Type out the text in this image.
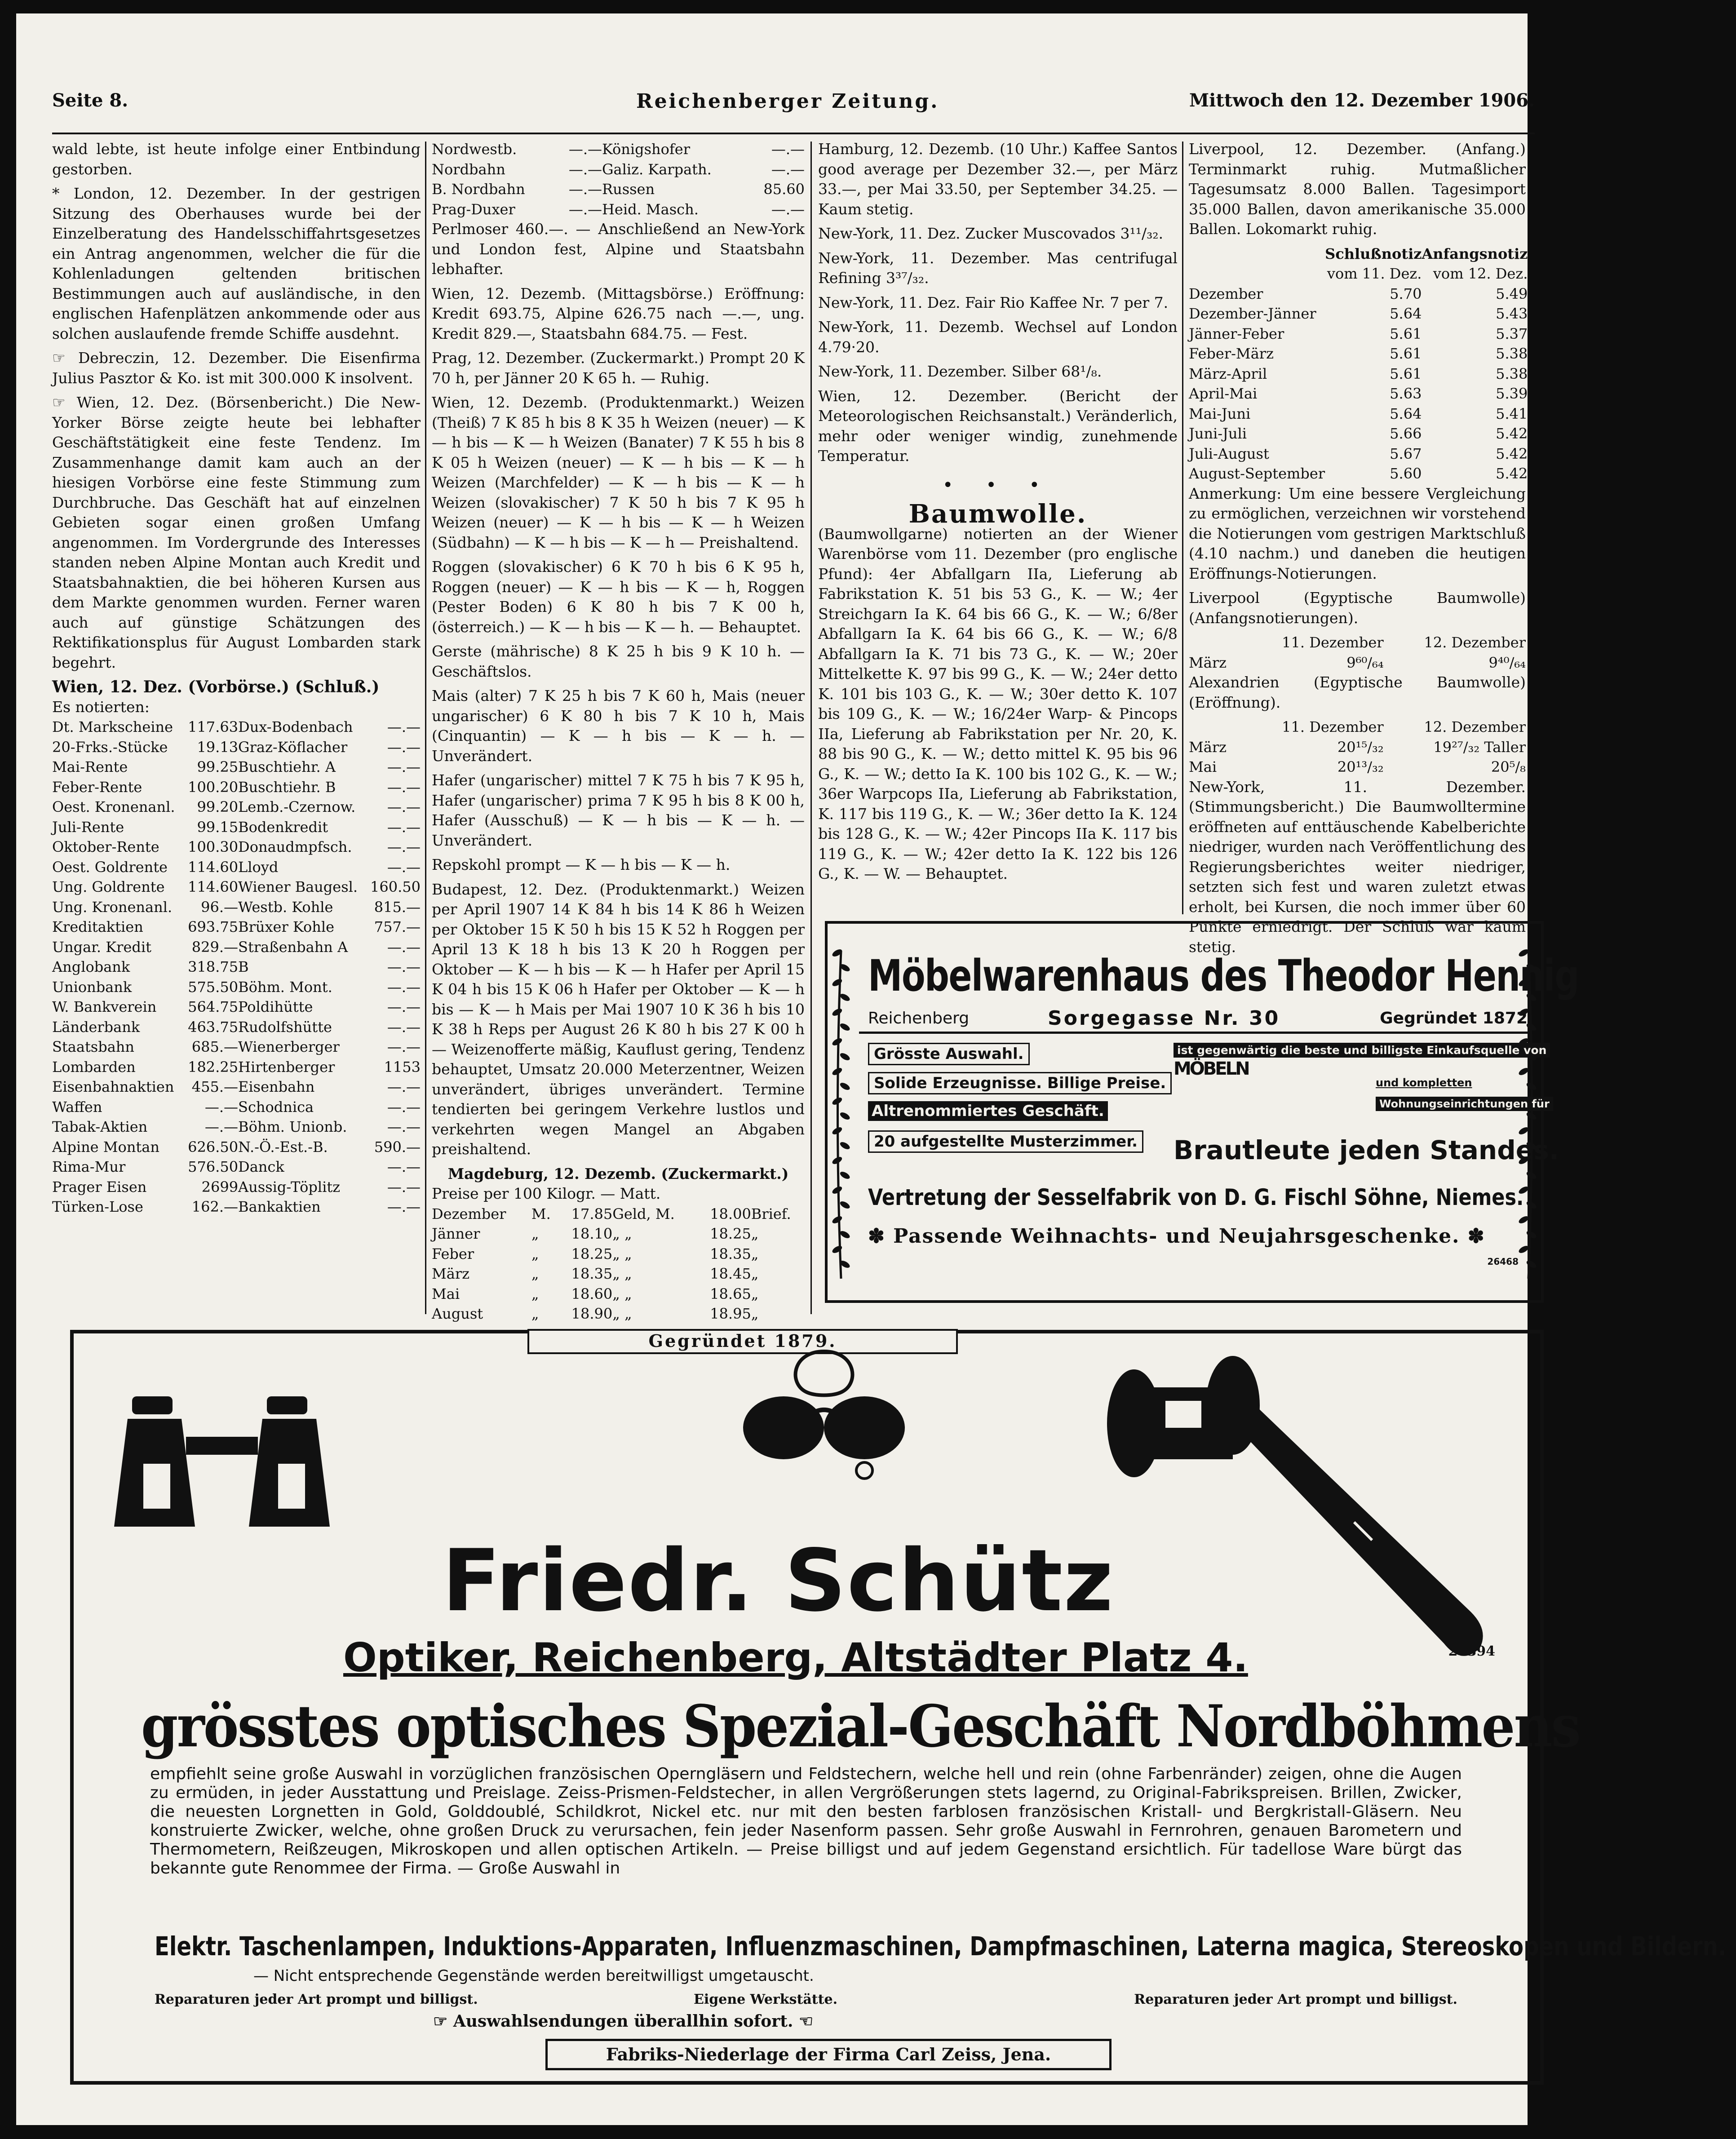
Seite 8.	Reichenberger Zeitung.	Mittwoch den 12. Dezember 1906.

wald lebte, ist heute infolge einer Entbindung gestorben.

* London, 12. Dezember. In der gestrigen Sitzung des Oberhauses wurde bei der Einzelberatung des Handelsschiffahrtsgesetzes ein Antrag angenommen, welcher die für die Kohlenladungen geltenden britischen Bestimmungen auch auf ausländische, in den englischen Hafenplätzen ankommende oder aus solchen auslaufende fremde Schiffe ausdehnt.

☞ Debreczin, 12. Dezember. Die Eisenfirma Julius Pasztor & Ko. ist mit 300.000 K insolvent.

☞ Wien, 12. Dez. (Börsenbericht.) Die New-Yorker Börse zeigte heute bei lebhafter Geschäftstätigkeit eine feste Tendenz. Im Zusammenhange damit kam auch an der hiesigen Vorbörse eine feste Stimmung zum Durchbruche. Das Geschäft hat auf einzelnen Gebieten sogar einen großen Umfang angenommen. Im Vordergrunde des Interesses standen neben Alpine Montan auch Kredit und Staatsbahnaktien, die bei höheren Kursen aus dem Markte genommen wurden. Ferner waren auch auf günstige Schätzungen des Rektifikationsplus für August Lombarden stark begehrt.

Wien, 12. Dez. (Vorbörse.) (Schluß.)
Es notierten:
Dt. Markscheine	117.63	Dux-Bodenbach	—.—
20-Frks.-Stücke	19.13	Graz-Köflacher	—.—
Mai-Rente	99.25	Buschtiehr. A	—.—
Feber-Rente	100.20	Buschtiehr. B	—.—
Oest. Kronenanl.	99.20	Lemb.-Czernow.	—.—
Juli-Rente	99.15	Bodenkredit	—.—
Oktober-Rente	100.30	Donaudmpfsch.	—.—
Oest. Goldrente	114.60	Lloyd	—.—
Ung. Goldrente	114.60	Wiener Baugesl.	160.50
Ung. Kronenanl.	96.—	Westb. Kohle	815.—
Kreditaktien	693.75	Brüxer Kohle	757.—
Ungar. Kredit	829.—	Straßenbahn A	—.—
Anglobank	318.75	B	—.—
Unionbank	575.50	Böhm. Mont.	—.—
W. Bankverein	564.75	Poldihütte	—.—
Länderbank	463.75	Rudolfshütte	—.—
Staatsbahn	685.—	Wienerberger	—.—
Lombarden	182.25	Hirtenberger	1153
Eisenbahnaktien	455.—	Eisenbahn	—.—
Waffen	—.—	Schodnica	—.—
Tabak-Aktien	—.—	Böhm. Unionb.	—.—
Alpine Montan	626.50	N.-Ö.-Est.-B.	590.—
Rima-Mur	576.50	Danck	—.—
Prager Eisen	2699	Aussig-Töplitz	—.—
Türken-Lose	162.—	Bankaktien	—.—
Nordwestb.	—.—	Königshofer	—.—
Nordbahn	—.—	Galiz. Karpath.	—.—
B. Nordbahn	—.—	Russen	85.60
Prag-Duxer	—.—	Heid. Masch.	—.—

Perlmoser 460.—. — Anschließend an New-York und London fest, Alpine und Staatsbahn lebhafter.

Wien, 12. Dezemb. (Mittagsbörse.) Eröffnung: Kredit 693.75, Alpine 626.75 nach —.—, ung. Kredit 829.—, Staatsbahn 684.75. — Fest.

Prag, 12. Dezember. (Zuckermarkt.) Prompt 20 K 70 h, per Jänner 20 K 65 h. — Ruhig.

Wien, 12. Dezemb. (Produktenmarkt.) Weizen (Theiß) 7 K 85 h bis 8 K 35 h Weizen (neuer) — K — h bis — K — h Weizen (Banater) 7 K 55 h bis 8 K 05 h Weizen (neuer) — K — h bis — K — h Weizen (Marchfelder) — K — h bis — K — h Weizen (slovakischer) 7 K 50 h bis 7 K 95 h Weizen (neuer) — K — h bis — K — h Weizen (Südbahn) — K — h bis — K — h — Preishaltend.

Roggen (slovakischer) 6 K 70 h bis 6 K 95 h, Roggen (neuer) — K — h bis — K — h, Roggen (Pester Boden) 6 K 80 h bis 7 K 00 h, (österreich.) — K — h bis — K — h. — Behauptet.

Gerste (mährische) 8 K 25 h bis 9 K 10 h. — Geschäftslos.

Mais (alter) 7 K 25 h bis 7 K 60 h, Mais (neuer ungarischer) 6 K 80 h bis 7 K 10 h, Mais (Cinquantin) — K — h bis — K — h. — Unverändert.

Hafer (ungarischer) mittel 7 K 75 h bis 7 K 95 h, Hafer (ungarischer) prima 7 K 95 h bis 8 K 00 h, Hafer (Ausschuß) — K — h bis — K — h. — Unverändert.

Repskohl prompt — K — h bis — K — h.

Budapest, 12. Dez. (Produktenmarkt.) Weizen per April 1907 14 K 84 h bis 14 K 86 h Weizen per Oktober 15 K 50 h bis 15 K 52 h Roggen per April 13 K 18 h bis 13 K 20 h Roggen per Oktober — K — h bis — K — h Hafer per April 15 K 04 h bis 15 K 06 h Hafer per Oktober — K — h bis — K — h Mais per Mai 1907 10 K 36 h bis 10 K 38 h Reps per August 26 K 80 h bis 27 K 00 h — Weizenofferte mäßig, Kauflust gering, Tendenz behauptet, Umsatz 20.000 Meterzentner, Weizen unverändert, übriges unverändert. Termine tendierten bei geringem Verkehre lustlos und verkehrten wegen Mangel an Abgaben preishaltend.

Magdeburg, 12. Dezemb. (Zuckermarkt.)
Preise per 100 Kilogr. — Matt.
Dezember	M.	17.85	Geld, M.	18.00	Brief.
Jänner	„	18.10	„ „	18.25	„
Feber	„	18.25	„ „	18.35	„
März	„	18.35	„ „	18.45	„
Mai	„	18.60	„ „	18.65	„
August	„	18.90	„ „	18.95	„

Hamburg, 12. Dezemb. (10 Uhr.) Kaffee Santos good average per Dezember 32.—, per März 33.—, per Mai 33.50, per September 34.25. — Kaum stetig.

New-York, 11. Dez. Zucker Muscovados 3¹¹/₃₂.

New-York, 11. Dezember. Mas centrifugal Refining 3³⁷/₃₂.

New-York, 11. Dez. Fair Rio Kaffee Nr. 7 per 7.

New-York, 11. Dezemb. Wechsel auf London 4.79·20.

New-York, 11. Dezember. Silber 68¹/₈.

Wien, 12. Dezember. (Bericht der Meteorologischen Reichsanstalt.) Veränderlich, mehr oder weniger windig, zunehmende Temperatur.

• • •
Baumwolle.

(Baumwollgarne) notierten an der Wiener Warenbörse vom 11. Dezember (pro englische Pfund): 4er Abfallgarn IIa, Lieferung ab Fabrikstation K. 51 bis 53 G., K. — W.; 4er Streichgarn Ia K. 64 bis 66 G., K. — W.; 6/8er Abfallgarn Ia K. 64 bis 66 G., K. — W.; 6/8 Abfallgarn Ia K. 71 bis 73 G., K. — W.; 20er Mittelkette K. 97 bis 99 G., K. — W.; 24er detto K. 101 bis 103 G., K. — W.; 30er detto K. 107 bis 109 G., K. — W.; 16/24er Warp- & Pincops IIa, Lieferung ab Fabrikstation per Nr. 20, K. 88 bis 90 G., K. — W.; detto mittel K. 95 bis 96 G., K. — W.; detto Ia K. 100 bis 102 G., K. — W.; 36er Warpcops IIa, Lieferung ab Fabrikstation, K. 117 bis 119 G., K. — W.; 36er detto Ia K. 124 bis 128 G., K. — W.; 42er Pincops IIa K. 117 bis 119 G., K. — W.; 42er detto Ia K. 122 bis 126 G., K. — W. — Behauptet.

Liverpool, 12. Dezember. (Anfang.) Terminmarkt ruhig. Mutmaßlicher Tagesumsatz 8.000 Ballen. Tagesimport 35.000 Ballen, davon amerikanische 35.000 Ballen. Lokomarkt ruhig.

	Schlußnotiz	Anfangsnotiz
	vom 11. Dez.	vom 12. Dez.
Dezember	5.70	5.49
Dezember-Jänner	5.64	5.43
Jänner-Feber	5.61	5.37
Feber-März	5.61	5.38
März-April	5.61	5.38
April-Mai	5.63	5.39
Mai-Juni	5.64	5.41
Juni-Juli	5.66	5.42
Juli-August	5.67	5.42
August-September	5.60	5.42

Anmerkung: Um eine bessere Vergleichung zu ermöglichen, verzeichnen wir vorstehend die Notierungen vom gestrigen Marktschluß (4.10 nachm.) und daneben die heutigen Eröffnungs-Notierungen.

Liverpool (Egyptische Baumwolle) (Anfangsnotierungen).

	11. Dezember	12. Dezember
März	9⁶⁰/₆₄	9⁴⁰/₆₄

Alexandrien (Egyptische Baumwolle) (Eröffnung).

	11. Dezember	12. Dezember
März	20¹⁵/₃₂	19²⁷/₃₂ Taller
Mai	20¹³/₃₂	20⁵/₈

New-York, 11. Dezember. (Stimmungsbericht.) Die Baumwolltermine eröffneten auf enttäuschende Kabelberichte niedriger, wurden nach Veröffentlichung des Regierungsberichtes weiter niedriger, setzten sich fest und waren zuletzt etwas erholt, bei Kursen, die noch immer über 60 Punkte erniedrigt. Der Schluß war kaum stetig.

Möbelwarenhaus des Theodor Hennig
Reichenberg	Sorgegasse Nr. 30	Gegründet 1872
Grösste Auswahl.
Solide Erzeugnisse. Billige Preise.
Altrenommiertes Geschäft.
20 aufgestellte Musterzimmer.
ist gegenwärtig die beste und billigste Einkaufsquelle von
MÖBELN
und kompletten
Wohnungseinrichtungen für
Brautleute jeden Standes.
Vertretung der Sesselfabrik von D. G. Fischl Söhne, Niemes.
✽ Passende Weihnachts- und Neujahrsgeschenke. ✽
26468
Gegründet 1879.
Friedr. Schütz
Optiker, Reichenberg, Altstädter Platz 4.	27394
grösstes optisches Spezial-Geschäft Nordböhmens
empfiehlt seine große Auswahl in vorzüglichen französischen Operngläsern und Feldstechern, welche hell und rein (ohne Farbenränder) zeigen, ohne die Augen zu ermüden, in jeder Ausstattung und Preislage. Zeiss-Prismen-Feldstecher, in allen Vergrößerungen stets lagernd, zu Original-Fabrikspreisen. Brillen, Zwicker, die neuesten Lorgnetten in Gold, Golddoublé, Schildkrot, Nickel etc. nur mit den besten farblosen französischen Kristall- und Bergkristall-Gläsern. Neu konstruierte Zwicker, welche, ohne großen Druck zu verursachen, fein jeder Nasenform passen. Sehr große Auswahl in Fernrohren, genauen Barometern und Thermometern, Reißzeugen, Mikroskopen und allen optischen Artikeln. — Preise billigst und auf jedem Gegenstand ersichtlich. Für tadellose Ware bürgt das bekannte gute Renommee der Firma. — Große Auswahl in
Elektr. Taschenlampen, Induktions-Apparaten, Influenzmaschinen, Dampfmaschinen, Laterna magica, Stereoskopen und Bildern.
— Nicht entsprechende Gegenstände werden bereitwilligst umgetauscht.
Reparaturen jeder Art prompt und billigst.	Eigene Werkstätte.	Reparaturen jeder Art prompt und billigst.
☞ Auswahlsendungen überallhin sofort. ☜
Fabriks-Niederlage der Firma Carl Zeiss, Jena.
